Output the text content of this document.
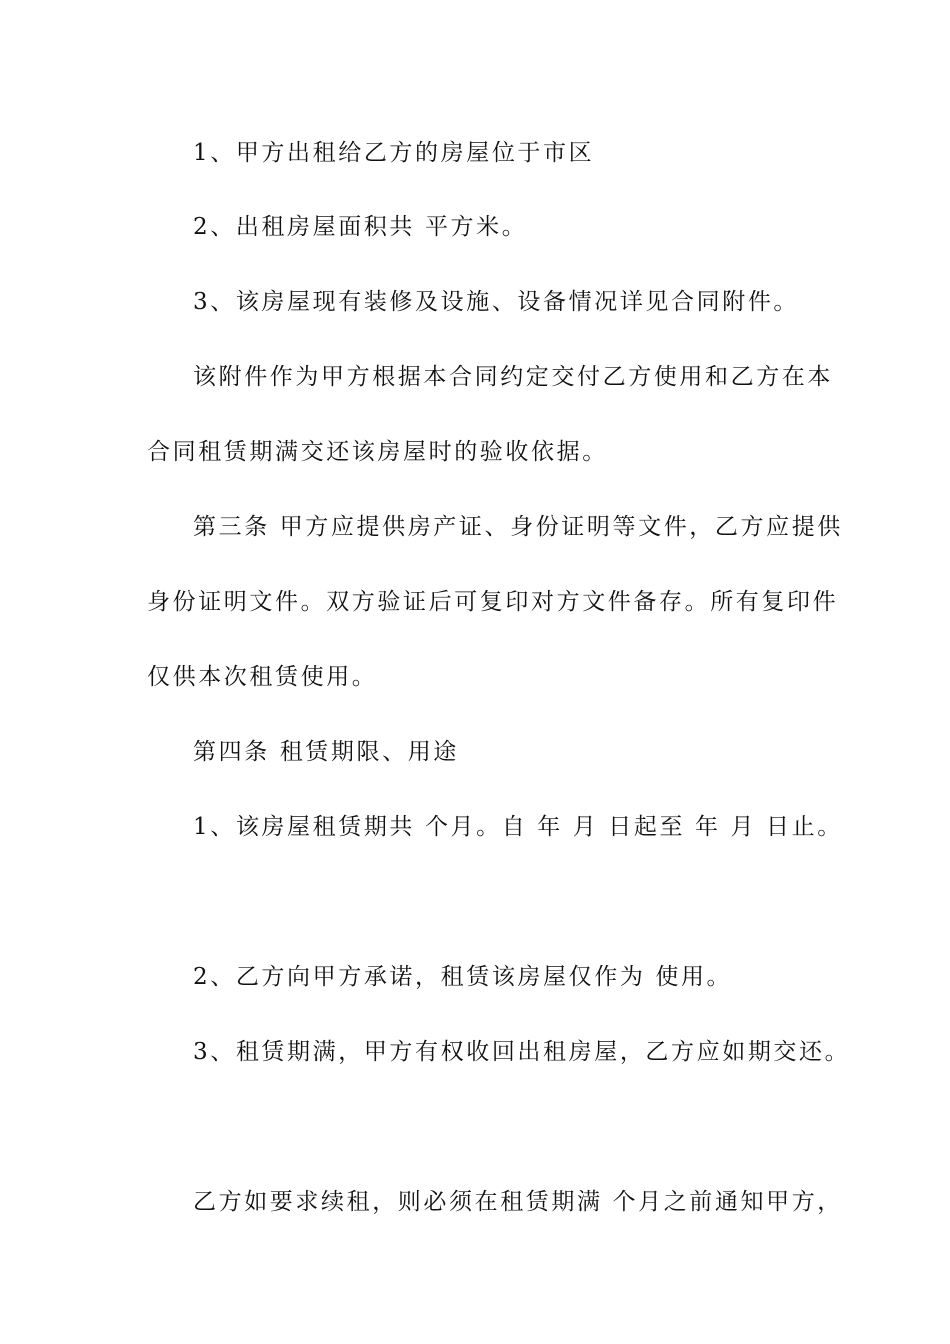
1、甲方出租给乙方的房屋位于市区
2、出租房屋面积共 平方米。
3、该房屋现有装修及设施、设备情况详见合同附件。
该附件作为甲方根据本合同约定交付乙方使用和乙方在本
合同租赁期满交还该房屋时的验收依据。
第三条 甲方应提供房产证、身份证明等文件，乙方应提供
身份证明文件。双方验证后可复印对方文件备存。所有复印件
仅供本次租赁使用。
第四条 租赁期限、用途
1、该房屋租赁期共 个月。自 年 月 日起至 年 月 日止。
2、乙方向甲方承诺，租赁该房屋仅作为 使用。
3、租赁期满，甲方有权收回出租房屋，乙方应如期交还。
乙方如要求续租，则必须在租赁期满 个月之前通知甲方，
